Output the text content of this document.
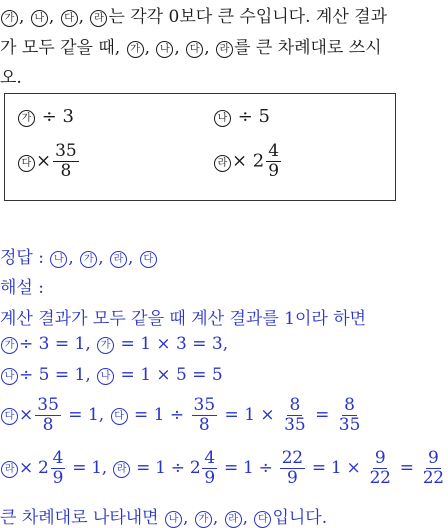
가 , 나 , 다 , 라 는 각각 0보다 큰 수입니다. 계산 결과
가 모두 같을 때, 가 , 나 , 다 , 라 를 큰 차례대로 쓰시
오.
가 ÷ 3	나 ÷ 5
다 × $\frac{35}{8}$	라 × $2 \frac{4}{9}$
정답 : 나 , 가 , 라 , 다
해설 :
계산 결과가 모두 같을 때 계산 결과를 1이라 하면
가 ÷ 3 = 1, 가 = 1 × 3 = 3,
나 ÷ 5 = 1, 나 = 1 × 5 = 5
다 × $\frac{35}{8} = 1$, 다 = $1 \div \frac{35}{8} = 1 \times \frac{8}{35} = \frac{8}{35}$
라 × $2 \frac{4}{9} = 1$, 라 = $1 \div 2 \frac{4}{9} = 1 \div \frac{22}{9} = 1 \times \frac{9}{22} = \frac{9}{22}$
큰 차례대로 나타내면 나 , 가 , 라 , 다 입니다.
